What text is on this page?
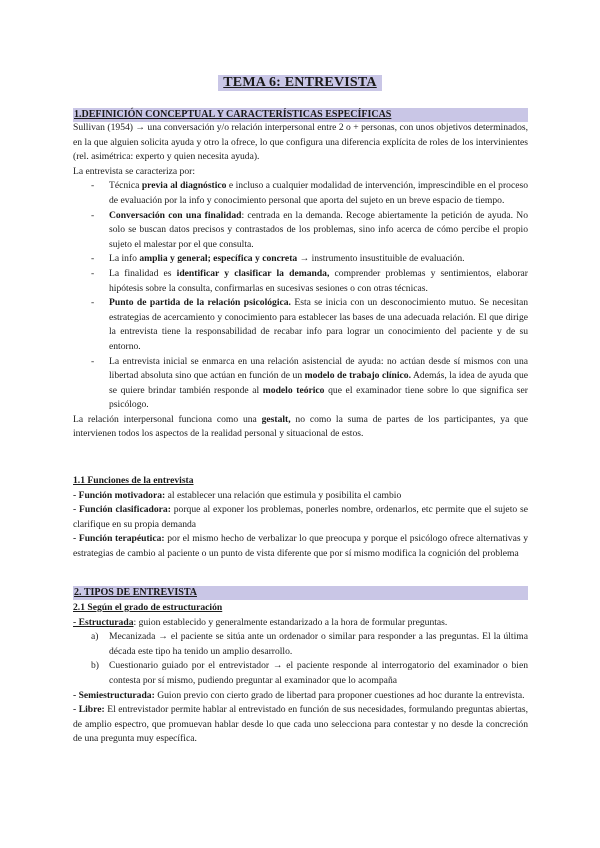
TEMA 6: ENTREVISTA
1.DEFINICIÓN CONCEPTUAL Y CARACTERÍSTICAS ESPECÍFICAS
Sullivan (1954) → una conversación y/o relación interpersonal entre 2 o + personas, con unos objetivos determinados, en la que alguien solicita ayuda y otro la ofrece, lo que configura una diferencia explícita de roles de los intervinientes (rel. asimétrica: experto y quien necesita ayuda).
La entrevista se caracteriza por:
- Técnica previa al diagnóstico e incluso a cualquier modalidad de intervención, imprescindible en el proceso de evaluación por la info y conocimiento personal que aporta del sujeto en un breve espacio de tiempo.
- Conversación con una finalidad: centrada en la demanda. Recoge abiertamente la petición de ayuda. No solo se buscan datos precisos y contrastados de los problemas, sino info acerca de cómo percibe el propio sujeto el malestar por el que consulta.
- La info amplia y general; específica y concreta → instrumento insustituible de evaluación.
- La finalidad es identificar y clasificar la demanda, comprender problemas y sentimientos, elaborar hipótesis sobre la consulta, confirmarlas en sucesivas sesiones o con otras técnicas.
- Punto de partida de la relación psicológica. Esta se inicia con un desconocimiento mutuo. Se necesitan estrategias de acercamiento y conocimiento para establecer las bases de una adecuada relación. El que dirige la entrevista tiene la responsabilidad de recabar info para lograr un conocimiento del paciente y de su entorno.
- La entrevista inicial se enmarca en una relación asistencial de ayuda: no actúan desde sí mismos con una libertad absoluta sino que actúan en función de un modelo de trabajo clínico. Además, la idea de ayuda que se quiere brindar también responde al modelo teórico que el examinador tiene sobre lo que significa ser psicólogo.
La relación interpersonal funciona como una gestalt, no como la suma de partes de los participantes, ya que intervienen todos los aspectos de la realidad personal y situacional de estos.
1.1 Funciones de la entrevista
- Función motivadora: al establecer una relación que estimula y posibilita el cambio
- Función clasificadora: porque al exponer los problemas, ponerles nombre, ordenarlos, etc permite que el sujeto se clarifique en su propia demanda
- Función terapéutica: por el mismo hecho de verbalizar lo que preocupa y porque el psicólogo ofrece alternativas y estrategias de cambio al paciente o un punto de vista diferente que por sí mismo modifica la cognición del problema
2. TIPOS DE ENTREVISTA
2.1 Según el grado de estructuración
- Estructurada: guion establecido y generalmente estandarizado a la hora de formular preguntas.
a) Mecanizada → el paciente se sitúa ante un ordenador o similar para responder a las preguntas. El la última década este tipo ha tenido un amplio desarrollo.
b) Cuestionario guiado por el entrevistador → el paciente responde al interrogatorio del examinador o bien contesta por sí mismo, pudiendo preguntar al examinador que lo acompaña
- Semiestructurada: Guion previo con cierto grado de libertad para proponer cuestiones ad hoc durante la entrevista.
- Libre: El entrevistador permite hablar al entrevistado en función de sus necesidades, formulando preguntas abiertas, de amplio espectro, que promuevan hablar desde lo que cada uno selecciona para contestar y no desde la concreción de una pregunta muy específica.
